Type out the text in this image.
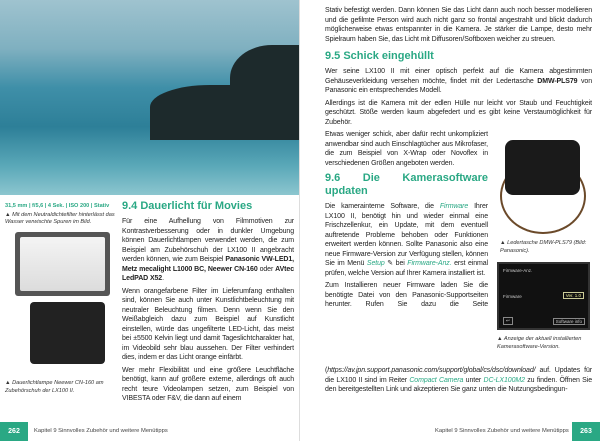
31,5 mm | f/5,6 | 4 Sek. | ISO 200 | Stativ
▲ Mit dem Neutraldichtefilter hinterlässt das Wasser verwischte Spuren im Bild.
9.4 Dauerlicht für Movies

Für eine Aufhellung von Filmmotiven zur Kontrastverbesserung oder in dunkler Umgebung können Dauerlichtlampen verwendet werden, die zum Beispiel am Zubehörschuh der LX100 II angebracht werden können, wie zum Beispiel Panasonic VW-LED1, Metz mecalight L1000 BC, Neewer CN-160 oder AVtec LedPAD X52.

Wenn orangefarbene Filter im Lieferumfang enthalten sind, können Sie auch unter Kunstlichtbeleuchtung mit neutraler Beleuchtung filmen. Denn wenn Sie den Weißabgleich dazu zum Beispiel auf Kunstlicht einstellen, würde das ungefilterte LED-Licht, das meist bei ±5500 Kelvin liegt und damit Tageslichtcharakter hat, im Videobild sehr blau aussehen. Der Filter verhindert dies, indem er das Licht orange einfärbt.

Wer mehr Flexibilität und eine größere Leuchtfläche benötigt, kann auf größere externe, allerdings oft auch recht teure Videolampen setzen, zum Beispiel von VIBESTA oder F&V, die dann auf einem

▲ Dauerlichtlampe Neewer CN-160 am Zubehörschuh der LX100 II.
262	Kapitel 9 Sinnvolles Zubehör und weitere Menütipps

Stativ befestigt werden. Dann können Sie das Licht dann auch noch besser modellieren und die gefilmte Person wird auch nicht ganz so frontal angestrahlt und blickt dadurch möglicherweise etwas entspannter in die Kamera. Je stärker die Lampe, desto mehr Spielraum haben Sie, das Licht mit Diffusoren/Softboxen weicher zu streuen.

9.5 Schick eingehüllt

Wer seine LX100 II mit einer optisch perfekt auf die Kamera abgestimmten Gehäuseverkleidung versehen möchte, findet mit der Ledertasche DMW-PLS79 von Panasonic ein entsprechendes Modell.

Allerdings ist die Kamera mit der edlen Hülle nur leicht vor Staub und Feuchtigkeit geschützt. Stöße werden kaum abgefedert und es gibt keine Verstaumöglichkeit für Zubehör.

Etwas weniger schick, aber dafür recht unkompliziert anwendbar sind auch Einschlagtücher aus Mikrofaser, die zum Beispiel von X-Wrap oder Novoflex in verschiedenen Größen angeboten werden.

9.6 Die Kamerasoftware updaten

Die kamerainterne Software, die Firmware Ihrer LX100 II, benötigt hin und wieder einmal eine Frischzellenkur, ein Update, mit dem eventuell auftretende Probleme behoben oder Funktionen erweitert werden können. Sollte Panasonic also eine neue Firmware-Version zur Verfügung stellen, können Sie im Menü Setup ✎ bei Firmware-Anz. erst einmal prüfen, welche Version auf Ihrer Kamera installiert ist.

Zum Installieren neuer Firmware laden Sie die benötigte Datei von den Panasonic-Supportseiten herunter. Rufen Sie dazu die Seite (https://av.jpn.support.panasonic.com/support/global/cs/dsc/download/ auf. Updates für die LX100 II sind im Reiter Compact Camera unter DC-LX100M2 zu finden. Öffnen Sie den bereitgestellten Link und akzeptieren Sie ganz unten die Nutzungsbedingun-

▲ Ledertasche DMW-PLS79 (Bild: Panasonic).
263
Kapitel 9 Sinnvolles Zubehör und weitere Menütipps
Firmware-Anz.
Firmware	Ver. 1.0
↩	Software info
▲ Anzeige der aktuell installierten Kamerasoftware-Version.
